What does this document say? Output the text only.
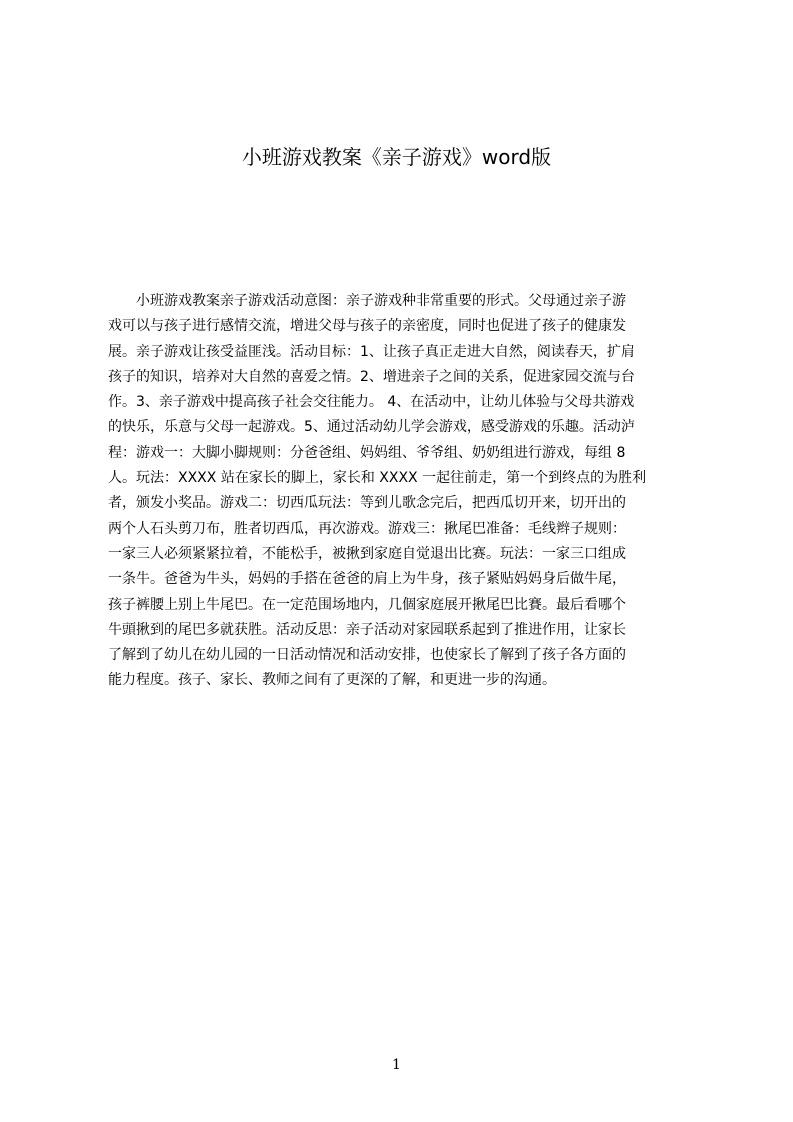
小班游戏教案《亲子游戏》word版
　　小班游戏教案亲子游戏活动意图：亲子游戏种非常重要的形式。父母通过亲子游
戏可以与孩子进行感情交流，增进父母与孩子的亲密度，同时也促进了孩子的健康发
展。亲子游戏让孩受益匪浅。活动目标：1、让孩子真正走进大自然，阅读春天，扩肩
孩子的知识，培养对大自然的喜爱之情。2、增进亲子之间的关系，促进家园交流与台
作。3、亲子游戏中提高孩子社会交往能力。 4、在活动中，让幼儿体验与父母共游戏
的快乐，乐意与父母一起游戏。5、通过活动幼儿学会游戏，感受游戏的乐趣。活动泸
程：游戏一：大脚小脚规则：分爸爸组、妈妈组、爷爷组、奶奶组进行游戏，每组 8
人。玩法：XXXX 站在家长的脚上，家长和 XXXX 一起往前走，第一个到终点的为胜利
者，颁发小奖品。游戏二：切西瓜玩法：等到儿歌念完后，把西瓜切开来，切开出的
两个人石头剪刀布，胜者切西瓜，再次游戏。游戏三：揪尾巴准备：毛线辫子规则：
一家三人必须紧紧拉着，不能松手，被揪到家庭自觉退出比赛。玩法：一家三口组成
一条牛。爸爸为牛头，妈妈的手搭在爸爸的肩上为牛身，孩子紧贴妈妈身后做牛尾，
孩子裤腰上别上牛尾巴。在一定范围场地内，几個家庭展开揪尾巴比賽。最后看哪个
牛頭揪到的尾巴多就获胜。活动反思：亲子活动对家园联系起到了推进作用，让家长
了解到了幼儿在幼儿园的一日活动情况和活动安排，也使家长了解到了孩子各方面的
能力程度。孩子、家长、教师之间有了更深的了解，和更进一步的沟通。
1
